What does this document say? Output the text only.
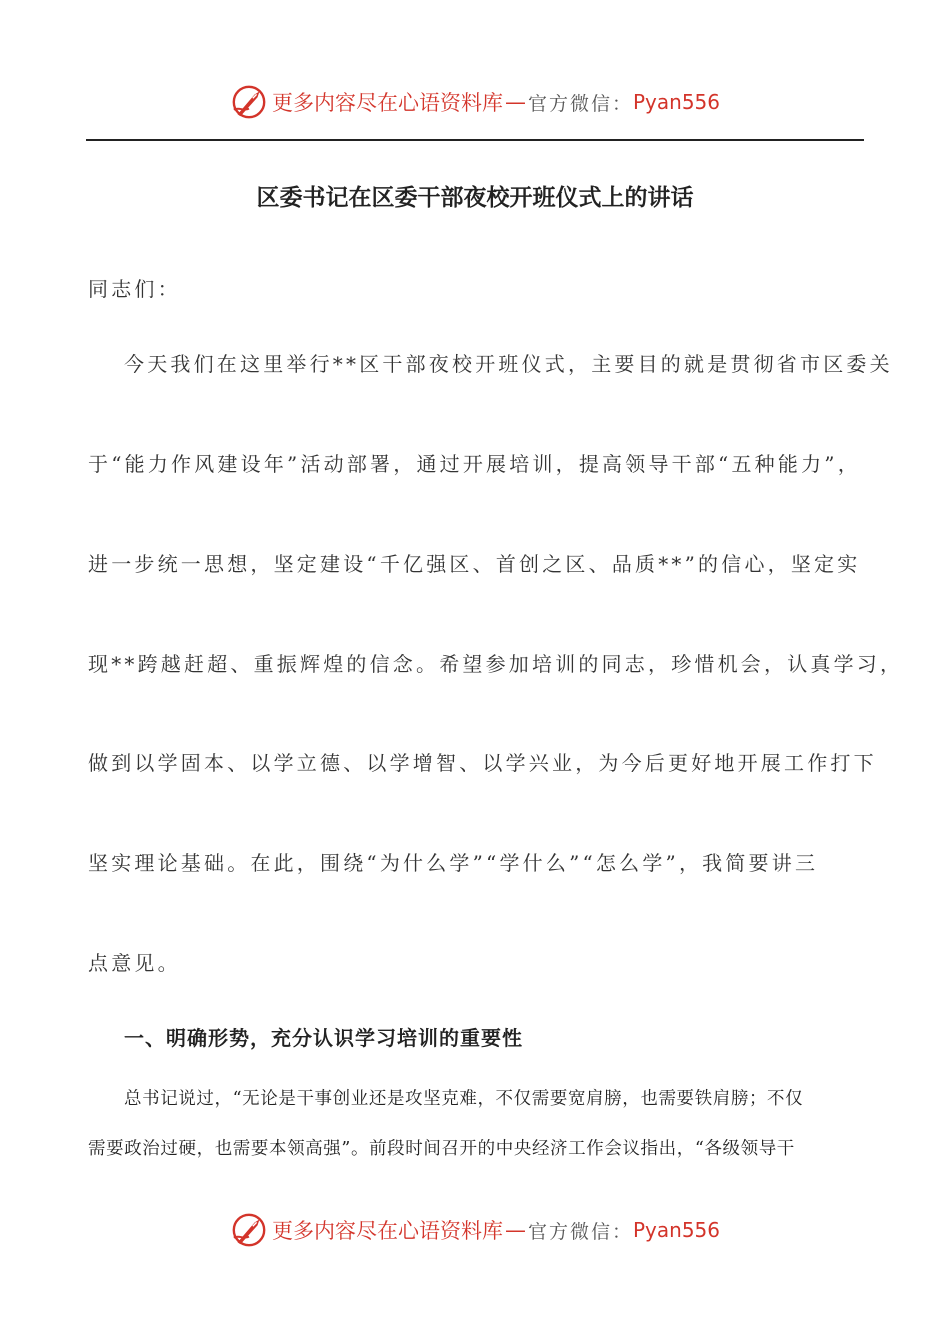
更多内容尽在心语资料库 — 官方微信： Pyan556
区委书记在区委干部夜校开班仪式上的讲话
同志们：
今天我们在这里举行**区干部夜校开班仪式，主要目的就是贯彻省市区委关
于“能力作风建设年”活动部署，通过开展培训，提高领导干部“五种能力”，
进一步统一思想，坚定建设“千亿强区、首创之区、品质**”的信心，坚定实
现**跨越赶超、重振辉煌的信念。希望参加培训的同志，珍惜机会，认真学习，
做到以学固本、以学立德、以学增智、以学兴业，为今后更好地开展工作打下
坚实理论基础。在此，围绕“为什么学”“学什么”“怎么学”，我简要讲三
点意见。
一、明确形势，充分认识学习培训的重要性
总书记说过，“无论是干事创业还是攻坚克难，不仅需要宽肩膀，也需要铁肩膀；不仅
需要政治过硬，也需要本领高强”。前段时间召开的中央经济工作会议指出，“各级领导干
更多内容尽在心语资料库 — 官方微信： Pyan556
